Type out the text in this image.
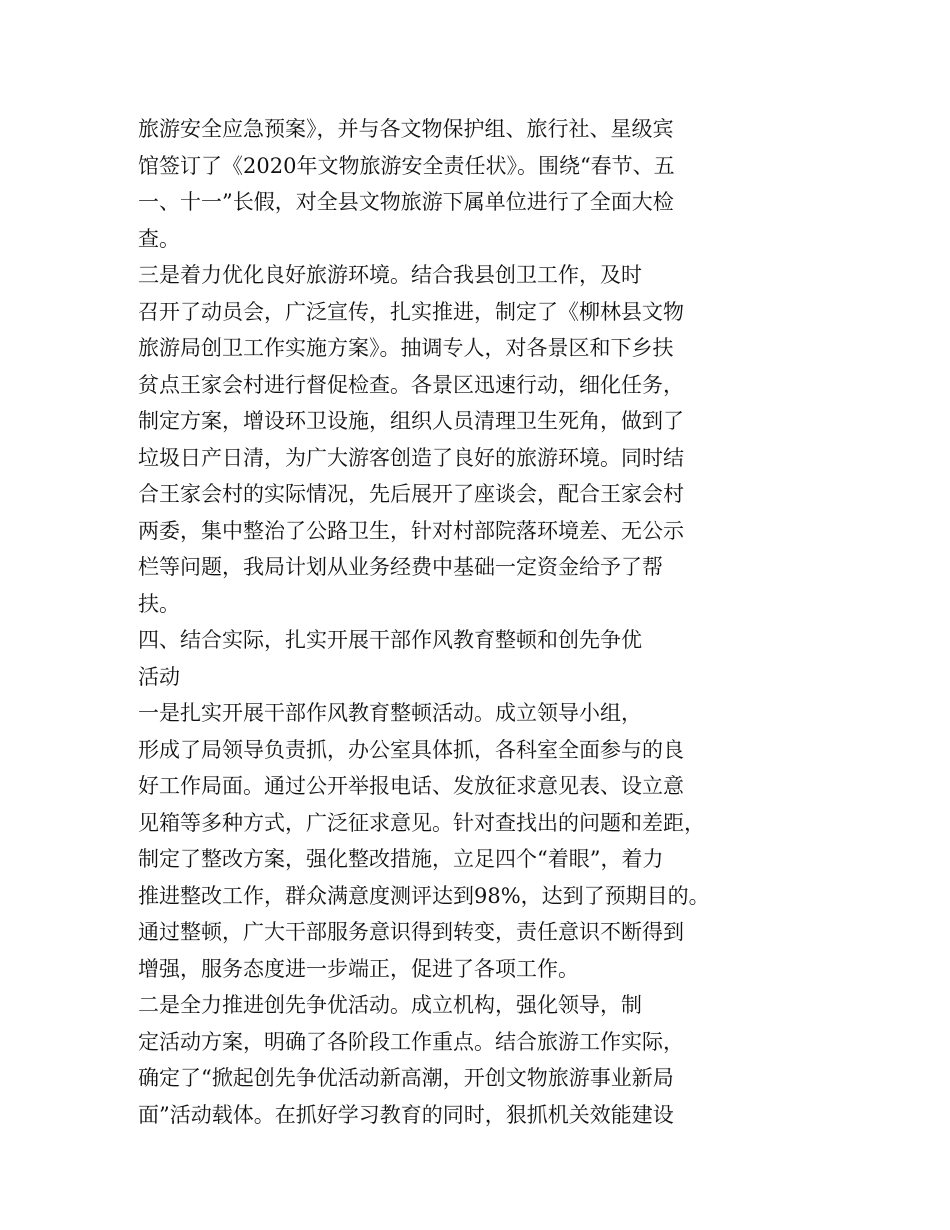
旅游安全应急预案》，并与各文物保护组、旅行社、星级宾
馆签订了《2020年文物旅游安全责任状》。围绕“春节、五
一、十一”长假，对全县文物旅游下属单位进行了全面大检
查。
三是着力优化良好旅游环境。结合我县创卫工作，及时
召开了动员会，广泛宣传，扎实推进，制定了《柳林县文物
旅游局创卫工作实施方案》。抽调专人，对各景区和下乡扶
贫点王家会村进行督促检查。各景区迅速行动，细化任务，
制定方案，增设环卫设施，组织人员清理卫生死角，做到了
垃圾日产日清，为广大游客创造了良好的旅游环境。同时结
合王家会村的实际情况，先后展开了座谈会，配合王家会村
两委，集中整治了公路卫生，针对村部院落环境差、无公示
栏等问题，我局计划从业务经费中基础一定资金给予了帮
扶。
四、结合实际，扎实开展干部作风教育整顿和创先争优
活动
一是扎实开展干部作风教育整顿活动。成立领导小组，
形成了局领导负责抓，办公室具体抓，各科室全面参与的良
好工作局面。通过公开举报电话、发放征求意见表、设立意
见箱等多种方式，广泛征求意见。针对查找出的问题和差距，
制定了整改方案，强化整改措施，立足四个“着眼”，着力
推进整改工作，群众满意度测评达到98%，达到了预期目的。
通过整顿，广大干部服务意识得到转变，责任意识不断得到
增强，服务态度进一步端正，促进了各项工作。
二是全力推进创先争优活动。成立机构，强化领导，制
定活动方案，明确了各阶段工作重点。结合旅游工作实际，
确定了“掀起创先争优活动新高潮，开创文物旅游事业新局
面”活动载体。在抓好学习教育的同时，狠抓机关效能建设
